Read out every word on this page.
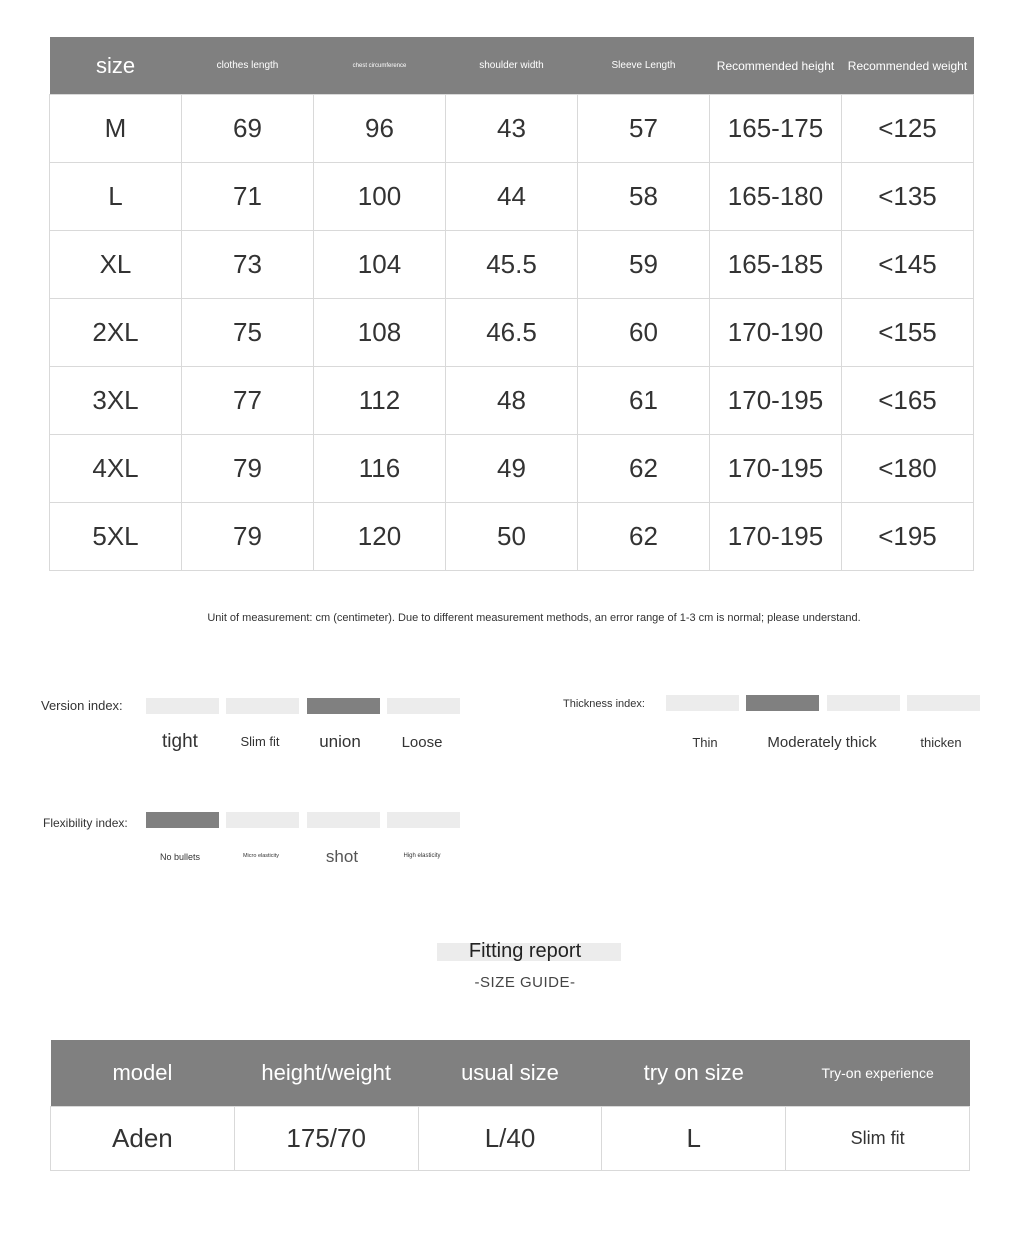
size	clothes length	chest circumference	shoulder width	Sleeve Length	Recommended height	Recommended weight
M	69	96	43	57	165-175	<125
L	71	100	44	58	165-180	<135
XL	73	104	45.5	59	165-185	<145
2XL	75	108	46.5	60	170-190	<155
3XL	77	112	48	61	170-195	<165
4XL	79	116	49	62	170-195	<180
5XL	79	120	50	62	170-195	<195
Unit of measurement: cm (centimeter). Due to different measurement methods, an error range of 1-3 cm is normal; please understand.
Version index:
tight	Slim fit	union	Loose
Thickness index:
Thin	Moderately thick	thicken
Flexibility index:
No bullets	Micro elasticity	shot	High elasticity
Fitting report
-SIZE GUIDE-
model	height/weight	usual size	try on size	Try-on experience
Aden	175/70	L/40	L	Slim fit
